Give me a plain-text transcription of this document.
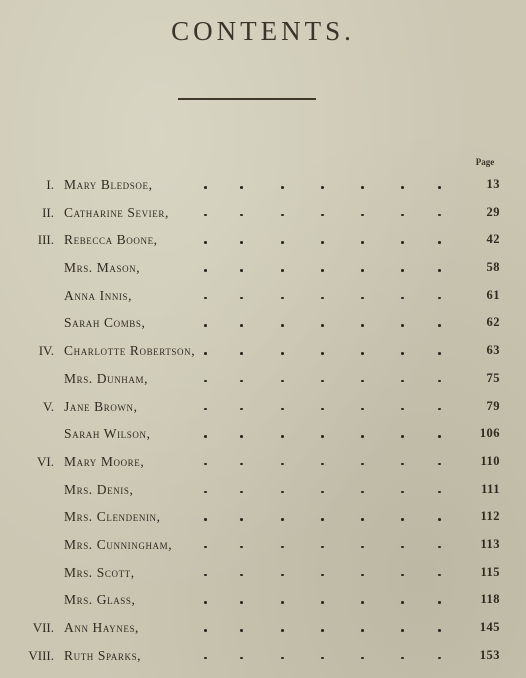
CONTENTS.
Page
I. Mary Bledsoe,	13
II. Catharine Sevier,	29
III. Rebecca Boone,	42
Mrs. Mason,	58
Anna Innis,	61
Sarah Combs,	62
IV. Charlotte Robertson,	63
Mrs. Dunham,	75
V. Jane Brown,	79
Sarah Wilson,	106
VI. Mary Moore,	110
Mrs. Denis,	111
Mrs. Clendenin,	112
Mrs. Cunningham,	113
Mrs. Scott,	115
Mrs. Glass,	118
VII. Ann Haynes,	145
VIII. Ruth Sparks,	153
